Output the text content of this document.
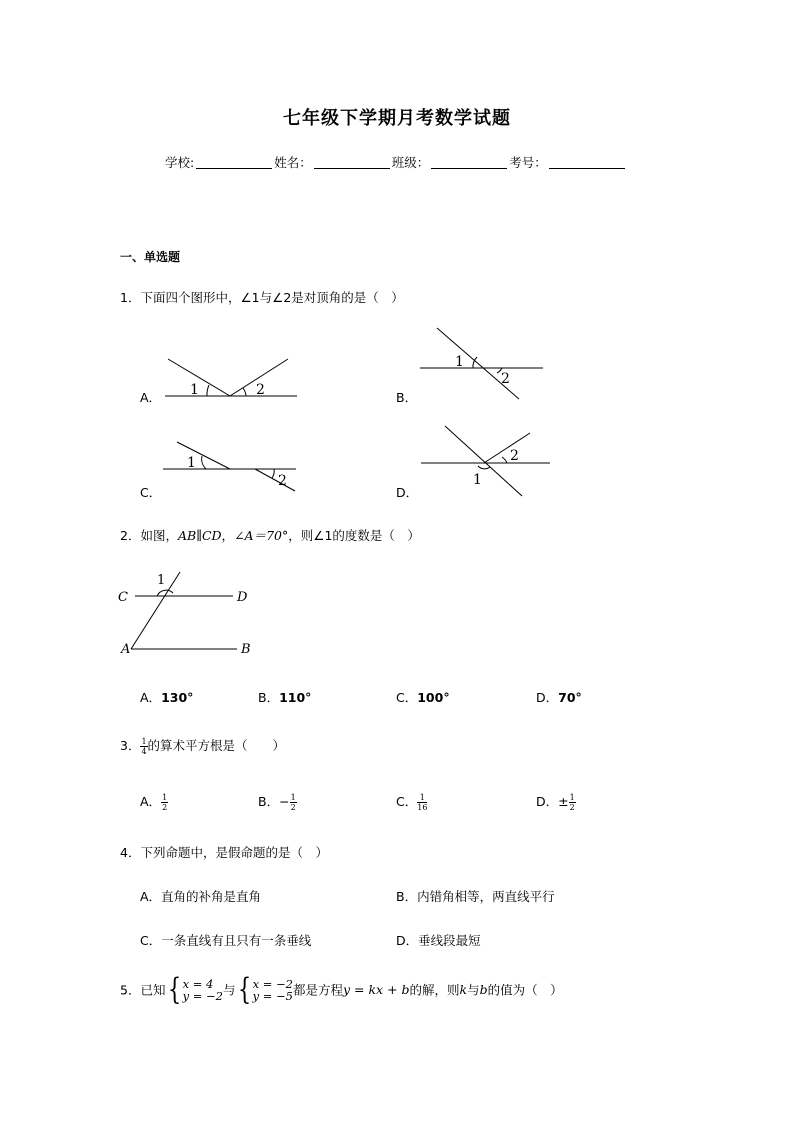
七年级下学期月考数学试题
学校:	姓名：	班级：	考号：
一、单选题
1．下面四个图形中，∠1与∠2是对顶角的是（　）
A． 1	2	B．
1
2
C．
1
2
D．
1
2
2．如图，AB∥CD，∠A＝70°，则∠1的度数是（　）
C	D
A	B
1
A．130°	B．110°	C．100°	D．70°
3． $\frac{1}{4}$ 的算术平方根是（　　）
A． $\frac{1}{2}$	B．− $\frac{1}{2}$	C． $\frac{1}{16}$	D．± $\frac{1}{2}$
4．下列命题中，是假命题的是（　）
A．直角的补角是直角	B．内错角相等，两直线平行
C．一条直线有且只有一条垂线	D．垂线段最短
5．已知{ x = 4
y = −2 与{ x = −2
y = −5 都是方程y = kx + b的解，则k与b的值为（　）
